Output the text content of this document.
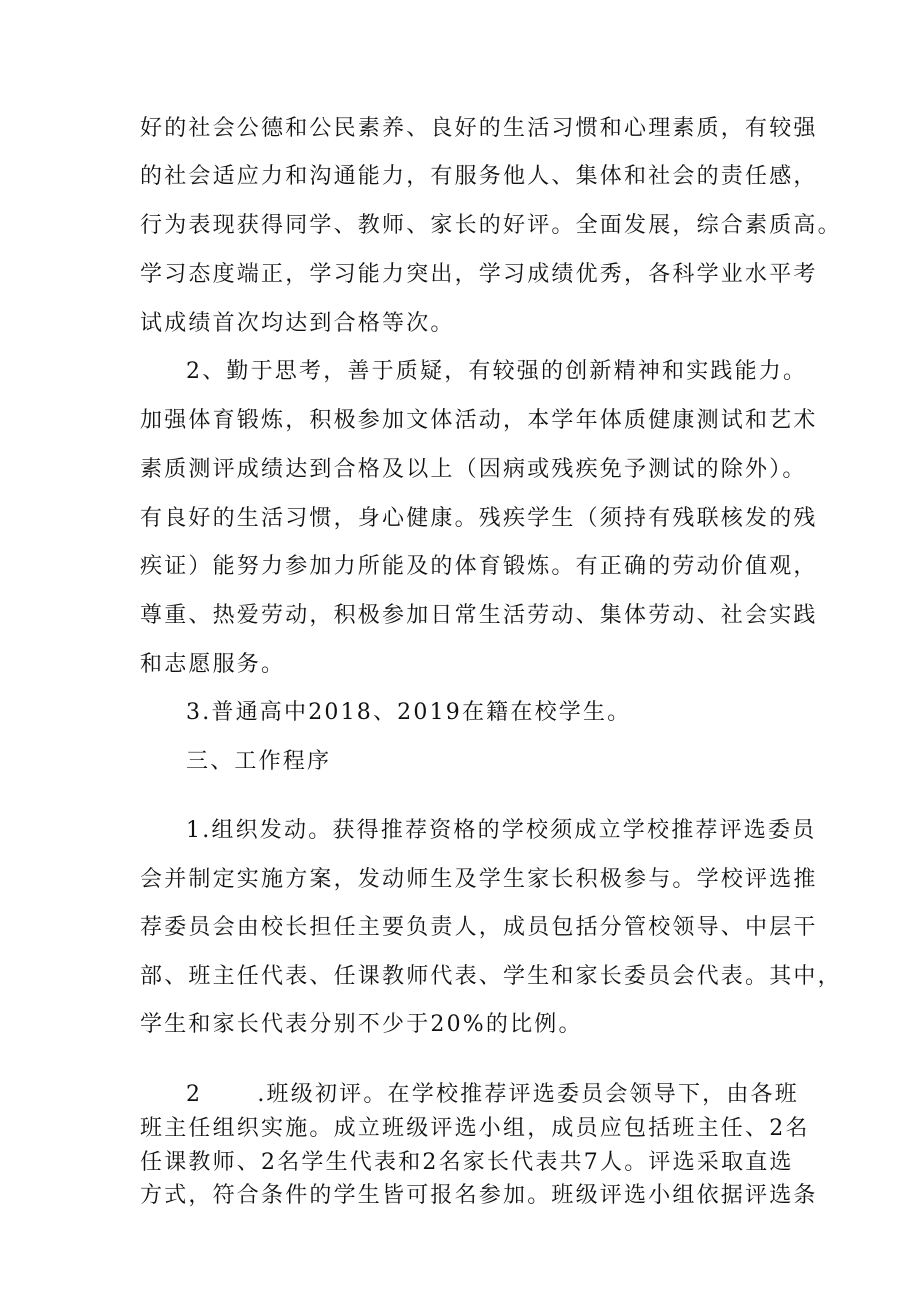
好的社会公德和公民素养、良好的生活习惯和心理素质，有较强
的社会适应力和沟通能力，有服务他人、集体和社会的责任感，
行为表现获得同学、教师、家长的好评。全面发展，综合素质高。
学习态度端正，学习能力突出，学习成绩优秀，各科学业水平考
试成绩首次均达到合格等次。
2、勤于思考，善于质疑，有较强的创新精神和实践能力。
加强体育锻炼，积极参加文体活动，本学年体质健康测试和艺术
素质测评成绩达到合格及以上（因病或残疾免予测试的除外）。
有良好的生活习惯，身心健康。残疾学生（须持有残联核发的残
疾证）能努力参加力所能及的体育锻炼。有正确的劳动价值观，
尊重、热爱劳动，积极参加日常生活劳动、集体劳动、社会实践
和志愿服务。
3.普通高中2018、2019在籍在校学生。
三、工作程序
1.组织发动。获得推荐资格的学校须成立学校推荐评选委员
会并制定实施方案，发动师生及学生家长积极参与。学校评选推
荐委员会由校长担任主要负责人，成员包括分管校领导、中层干
部、班主任代表、任课教师代表、学生和家长委员会代表。其中，
学生和家长代表分别不少于20%的比例。
2      .班级初评。在学校推荐评选委员会领导下，由各班
班主任组织实施。成立班级评选小组，成员应包括班主任、2名
任课教师、2名学生代表和2名家长代表共7人。评选采取直选
方式，符合条件的学生皆可报名参加。班级评选小组依据评选条
